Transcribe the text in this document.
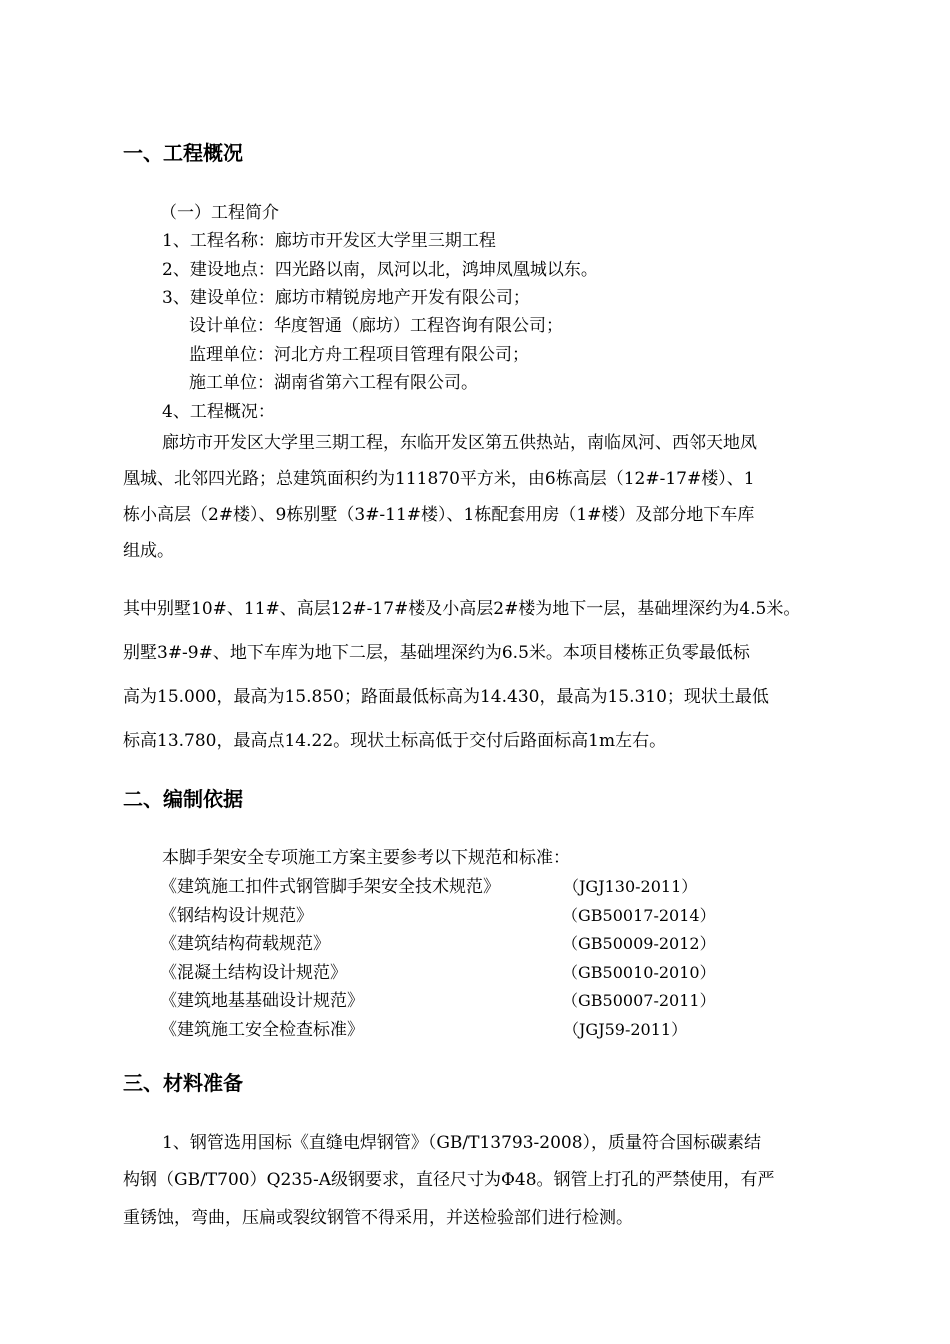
一、工程概况

（一）工程简介

1、工程名称：廊坊市开发区大学里三期工程

2、建设地点：四光路以南，凤河以北，鸿坤凤凰城以东。

3、建设单位：廊坊市精锐房地产开发有限公司；

设计单位：华度智通（廊坊）工程咨询有限公司；

监理单位：河北方舟工程项目管理有限公司；

施工单位：湖南省第六工程有限公司。

4、工程概况：

廊坊市开发区大学里三期工程，东临开发区第五供热站，南临凤河、西邻天地凤

凰城、北邻四光路；总建筑面积约为111870平方米，由6栋高层（12#-17#楼）、1

栋小高层（2#楼）、9栋别墅（3#-11#楼）、1栋配套用房（1#楼）及部分地下车库

组成。

其中别墅10#、11#、高层12#-17#楼及小高层2#楼为地下一层，基础埋深约为4.5米。

别墅3#-9#、地下车库为地下二层，基础埋深约为6.5米。本项目楼栋正负零最低标

高为15.000，最高为15.850；路面最低标高为14.430，最高为15.310；现状土最低

标高13.780，最高点14.22。现状土标高低于交付后路面标高1m左右。

二、编制依据

本脚手架安全专项施工方案主要参考以下规范和标准：

《建筑施工扣件式钢管脚手架安全技术规范》	（JGJ130-2011）

《钢结构设计规范》	（GB50017-2014）

《建筑结构荷载规范》	（GB50009-2012）

《混凝土结构设计规范》	（GB50010-2010）

《建筑地基基础设计规范》	（GB50007-2011）

《建筑施工安全检查标准》	（JGJ59-2011）

三、材料准备

1、钢管选用国标《直缝电焊钢管》（GB/T13793-2008），质量符合国标碳素结

构钢（GB/T700）Q235-A级钢要求，直径尺寸为Φ48。钢管上打孔的严禁使用，有严

重锈蚀，弯曲，压扁或裂纹钢管不得采用，并送检验部们进行检测。
